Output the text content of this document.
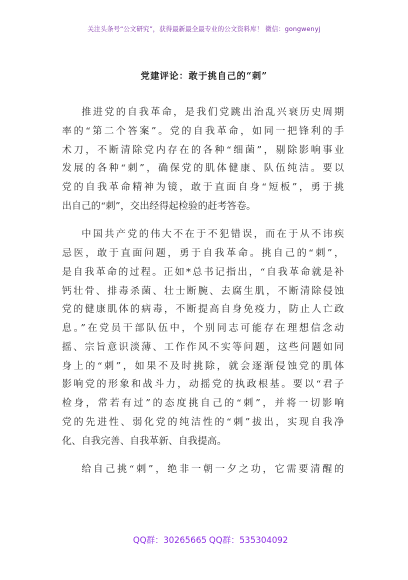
关注头条号“公文研究”，获得最新最全最专业的公文资料库！ 微信：gongwenyj
党建评论：敢于挑自己的“刺”
推进党的自我革命，是我们党跳出治乱兴衰历史周期
率的“第二个答案”。党的自我革命，如同一把锋利的手
术刀，不断清除党内存在的各种“细菌”，剔除影响事业
发展的各种“刺”，确保党的肌体健康、队伍纯洁。要以
党的自我革命精神为镜，敢于直面自身“短板”，勇于挑
出自己的“刺”，交出经得起检验的赶考答卷。
中国共产党的伟大不在于不犯错误，而在于从不讳疾
忌医，敢于直面问题，勇于自我革命。挑自己的“刺”，
是自我革命的过程。正如*总书记指出，“自我革命就是补
钙壮骨、排毒杀菌、壮士断腕、去腐生肌，不断清除侵蚀
党的健康肌体的病毒，不断提高自身免疫力，防止人亡政
息。”在党员干部队伍中，个别同志可能存在理想信念动
摇、宗旨意识淡薄、工作作风不实等问题，这些问题如同
身上的“刺”，如果不及时挑除，就会逐渐侵蚀党的肌体
影响党的形象和战斗力，动摇党的执政根基。要以“君子
检身，常若有过”的态度挑自己的“刺”，并将一切影响
党的先进性、弱化党的纯洁性的“刺”拔出，实现自我净
化、自我完善、自我革新、自我提高。
给自己挑“刺”，绝非一朝一夕之功，它需要清醒的
QQ群：30265665 QQ群：535304092
